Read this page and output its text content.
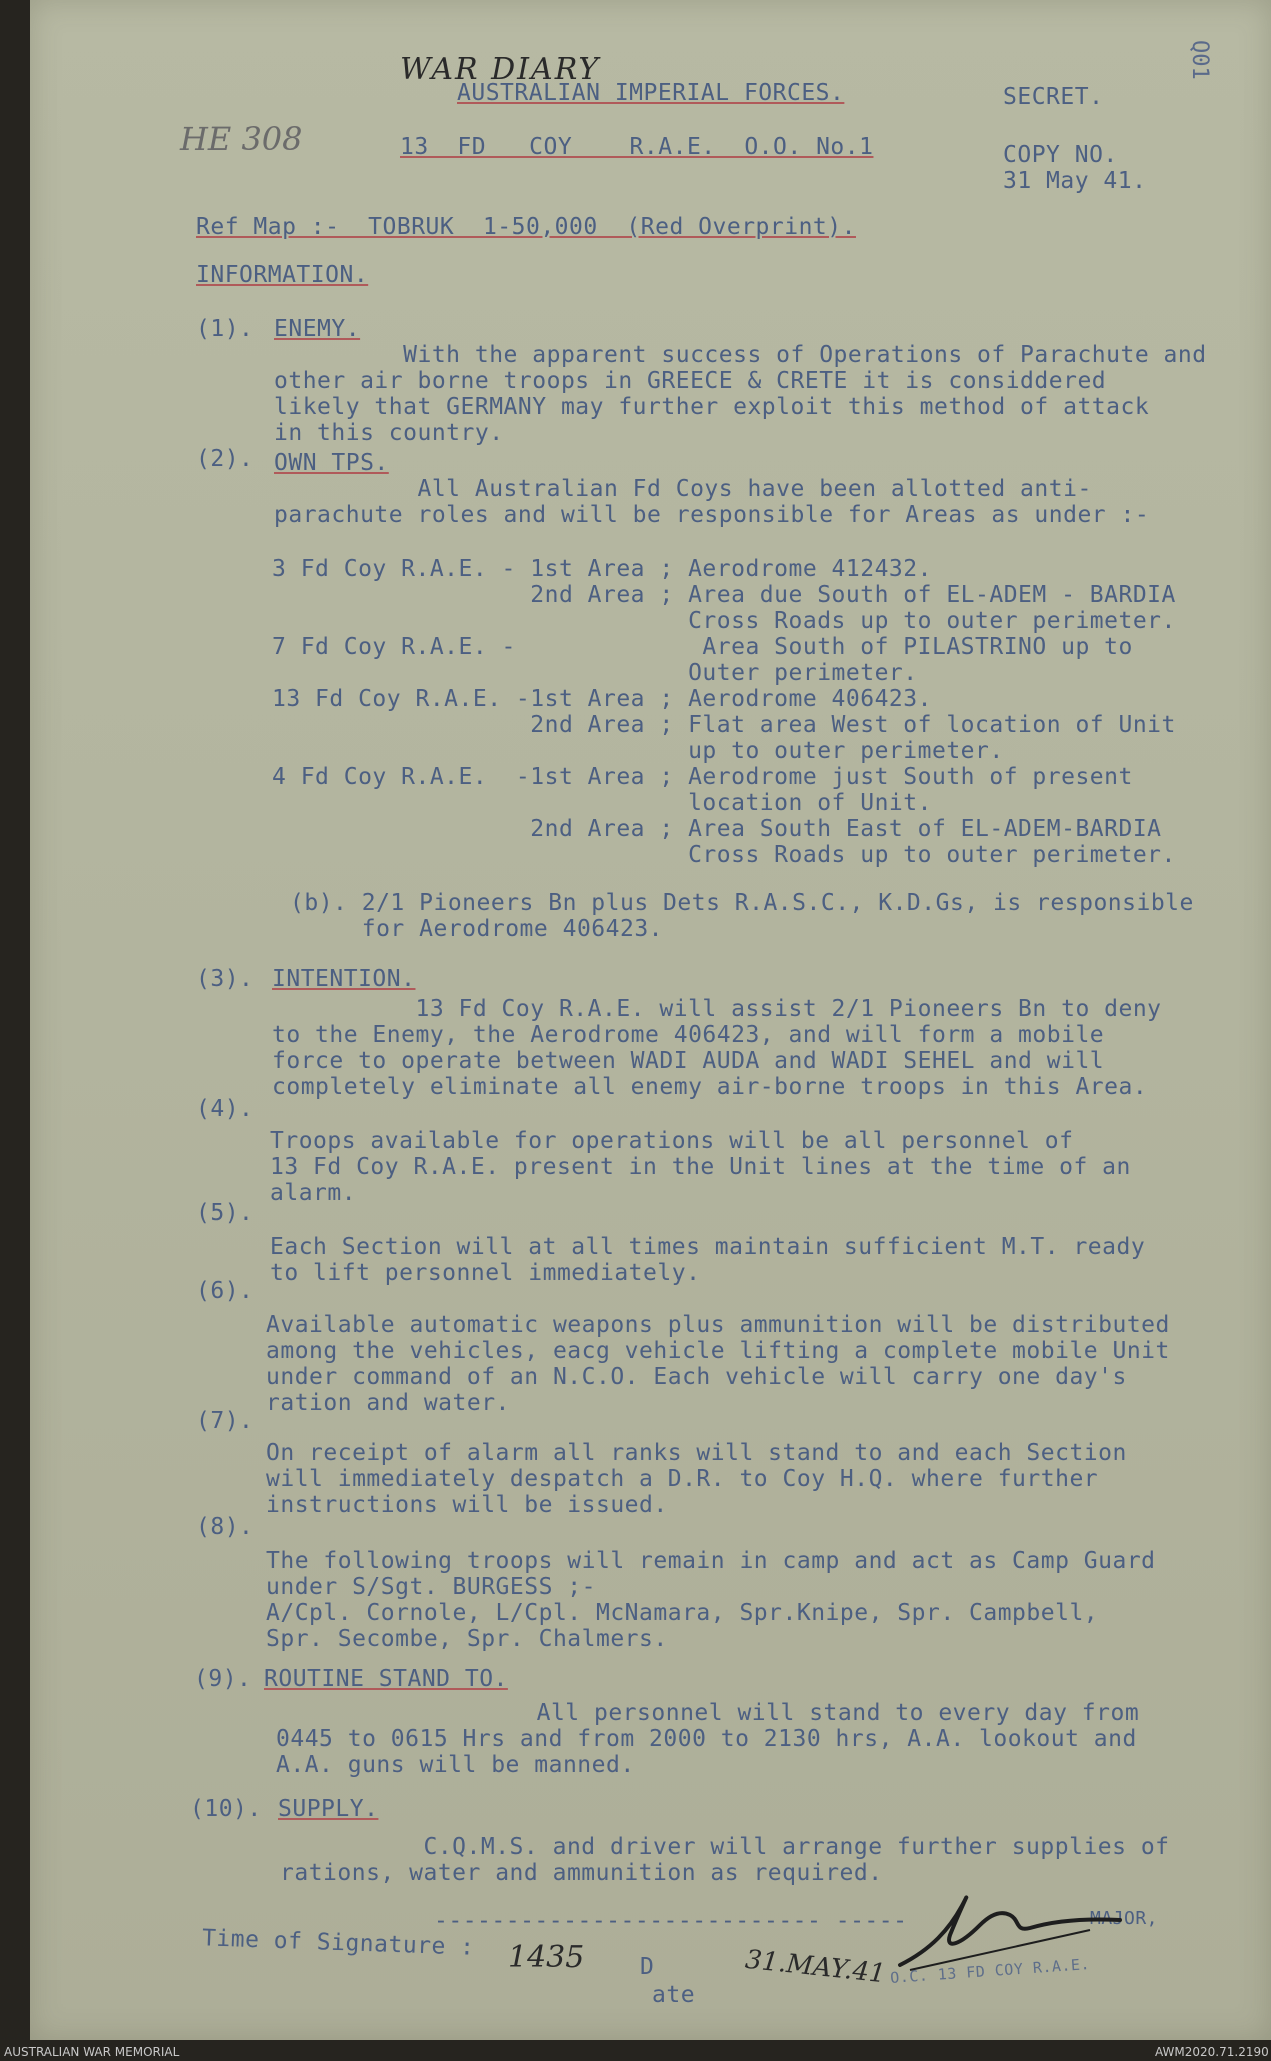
WAR DIARY
HE 308
AUSTRALIAN IMPERIAL FORCES.	SECRET.
13  FD   COY    R.A.E.  O.O. No.1	COPY NO.
31 May 41.
Q01
Ref Map :-  TOBRUK  1-50,000  (Red Overprint).
INFORMATION.
(1). ENEMY.
With the apparent success of Operations of Parachute and
other air borne troops in GREECE & CRETE it is considdered
likely that GERMANY may further exploit this method of attack
in this country.
(2). OWN TPS.
All Australian Fd Coys have been allotted anti-
parachute roles and will be responsible for Areas as under :-
3 Fd Coy R.A.E. - 1st Area ; Aerodrome 412432.
2nd Area ; Area due South of EL-ADEM - BARDIA
Cross Roads up to outer perimeter.
7 Fd Coy R.A.E. -             Area South of PILASTRINO up to
Outer perimeter.
13 Fd Coy R.A.E. -1st Area ; Aerodrome 406423.
2nd Area ; Flat area West of location of Unit
up to outer perimeter.
4 Fd Coy R.A.E.  -1st Area ; Aerodrome just South of present
location of Unit.
2nd Area ; Area South East of EL-ADEM-BARDIA
Cross Roads up to outer perimeter.
(b). 2/1 Pioneers Bn plus Dets R.A.S.C., K.D.Gs, is responsible
for Aerodrome 406423.
(3). INTENTION.
13 Fd Coy R.A.E. will assist 2/1 Pioneers Bn to deny
to the Enemy, the Aerodrome 406423, and will form a mobile
force to operate between WADI AUDA and WADI SEHEL and will
completely eliminate all enemy air-borne troops in this Area.
(4).
Troops available for operations will be all personnel of
13 Fd Coy R.A.E. present in the Unit lines at the time of an
alarm.
(5).
Each Section will at all times maintain sufficient M.T. ready
to lift personnel immediately.
(6).
Available automatic weapons plus ammunition will be distributed
among the vehicles, eacg vehicle lifting a complete mobile Unit
under command of an N.C.O. Each vehicle will carry one day's
ration and water.
(7).
On receipt of alarm all ranks will stand to and each Section
will immediately despatch a D.R. to Coy H.Q. where further
instructions will be issued.
(8).
The following troops will remain in camp and act as Camp Guard
under S/Sgt. BURGESS ;-
A/Cpl. Cornole, L/Cpl. McNamara, Spr.Knipe, Spr. Campbell,
Spr. Secombe, Spr. Chalmers.
(9). ROUTINE STAND TO.
All personnel will stand to every day from
0445 to 0615 Hrs and from 2000 to 2130 hrs, A.A. lookout and
A.A. guns will be manned.
(10). SUPPLY.
C.Q.M.S. and driver will arrange further supplies of
rations, water and ammunition as required.
--------------------------- -----
Time of Signature : 1435 D
ate
31.MAY.41
MAJOR,
O.C. 13 FD COY R.A.E.
AUSTRALIAN WAR MEMORIAL	AWM2020.71.2190
